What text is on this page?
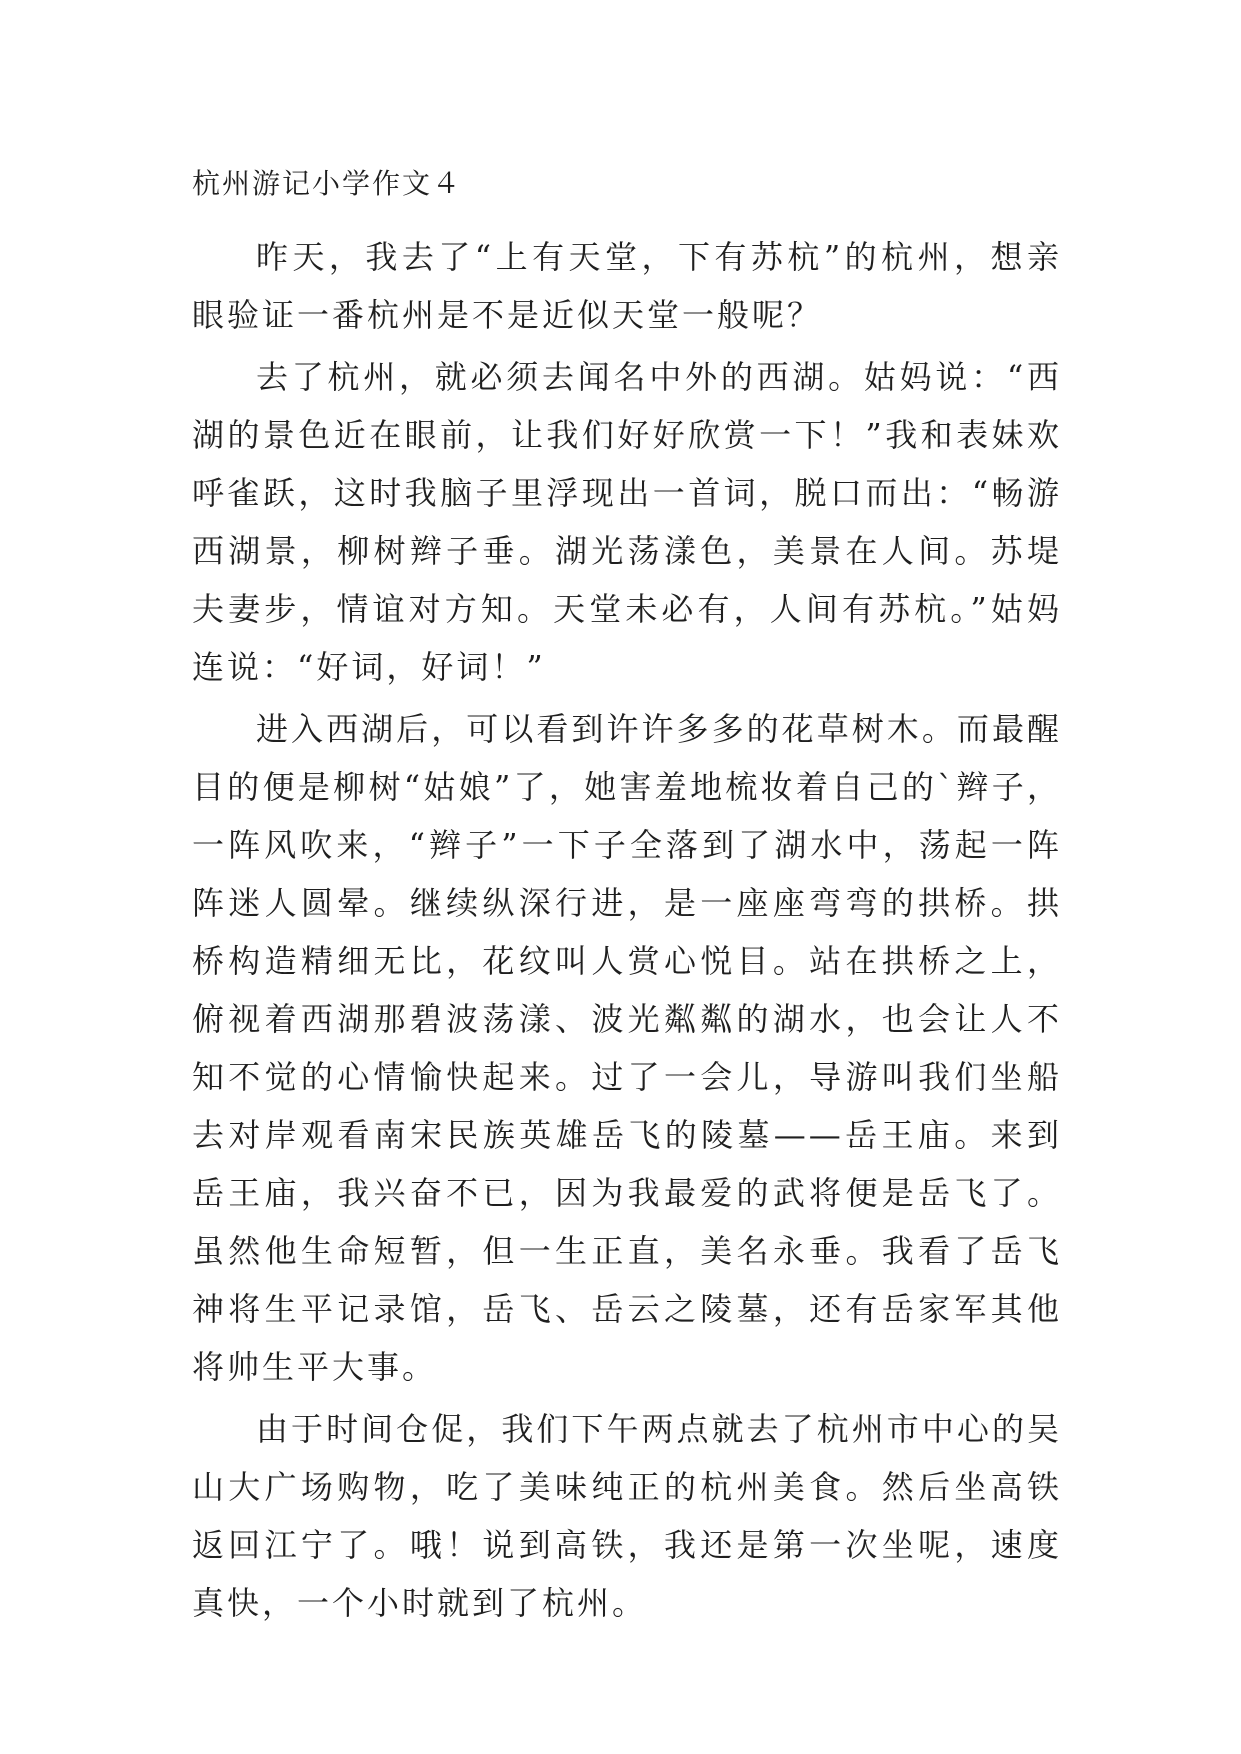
杭州游记小学作文４

昨天，我去了“上有天堂，下有苏杭”的杭州，想亲眼验证一番杭州是不是近似天堂一般呢？

去了杭州，就必须去闻名中外的西湖。姑妈说：“西湖的景色近在眼前，让我们好好欣赏一下！”我和表妹欢呼雀跃，这时我脑子里浮现出一首词，脱口而出：“畅游西湖景，柳树辫子垂。湖光荡漾色，美景在人间。苏堤夫妻步，情谊对方知。天堂未必有，人间有苏杭。”姑妈连说：“好词，好词！”

进入西湖后，可以看到许许多多的花草树木。而最醒目的便是柳树“姑娘”了，她害羞地梳妆着自己的`辫子，一阵风吹来，“辫子”一下子全落到了湖水中，荡起一阵阵迷人圆晕。继续纵深行进，是一座座弯弯的拱桥。拱桥构造精细无比，花纹叫人赏心悦目。站在拱桥之上，俯视着西湖那碧波荡漾、波光粼粼的湖水，也会让人不知不觉的心情愉快起来。过了一会儿，导游叫我们坐船去对岸观看南宋民族英雄岳飞的陵墓——岳王庙。来到岳王庙，我兴奋不已，因为我最爱的武将便是岳飞了。虽然他生命短暂，但一生正直，美名永垂。我看了岳飞神将生平记录馆，岳飞、岳云之陵墓，还有岳家军其他将帅生平大事。

由于时间仓促，我们下午两点就去了杭州市中心的吴山大广场购物，吃了美味纯正的杭州美食。然后坐高铁返回江宁了。哦！说到高铁，我还是第一次坐呢，速度真快，一个小时就到了杭州。
